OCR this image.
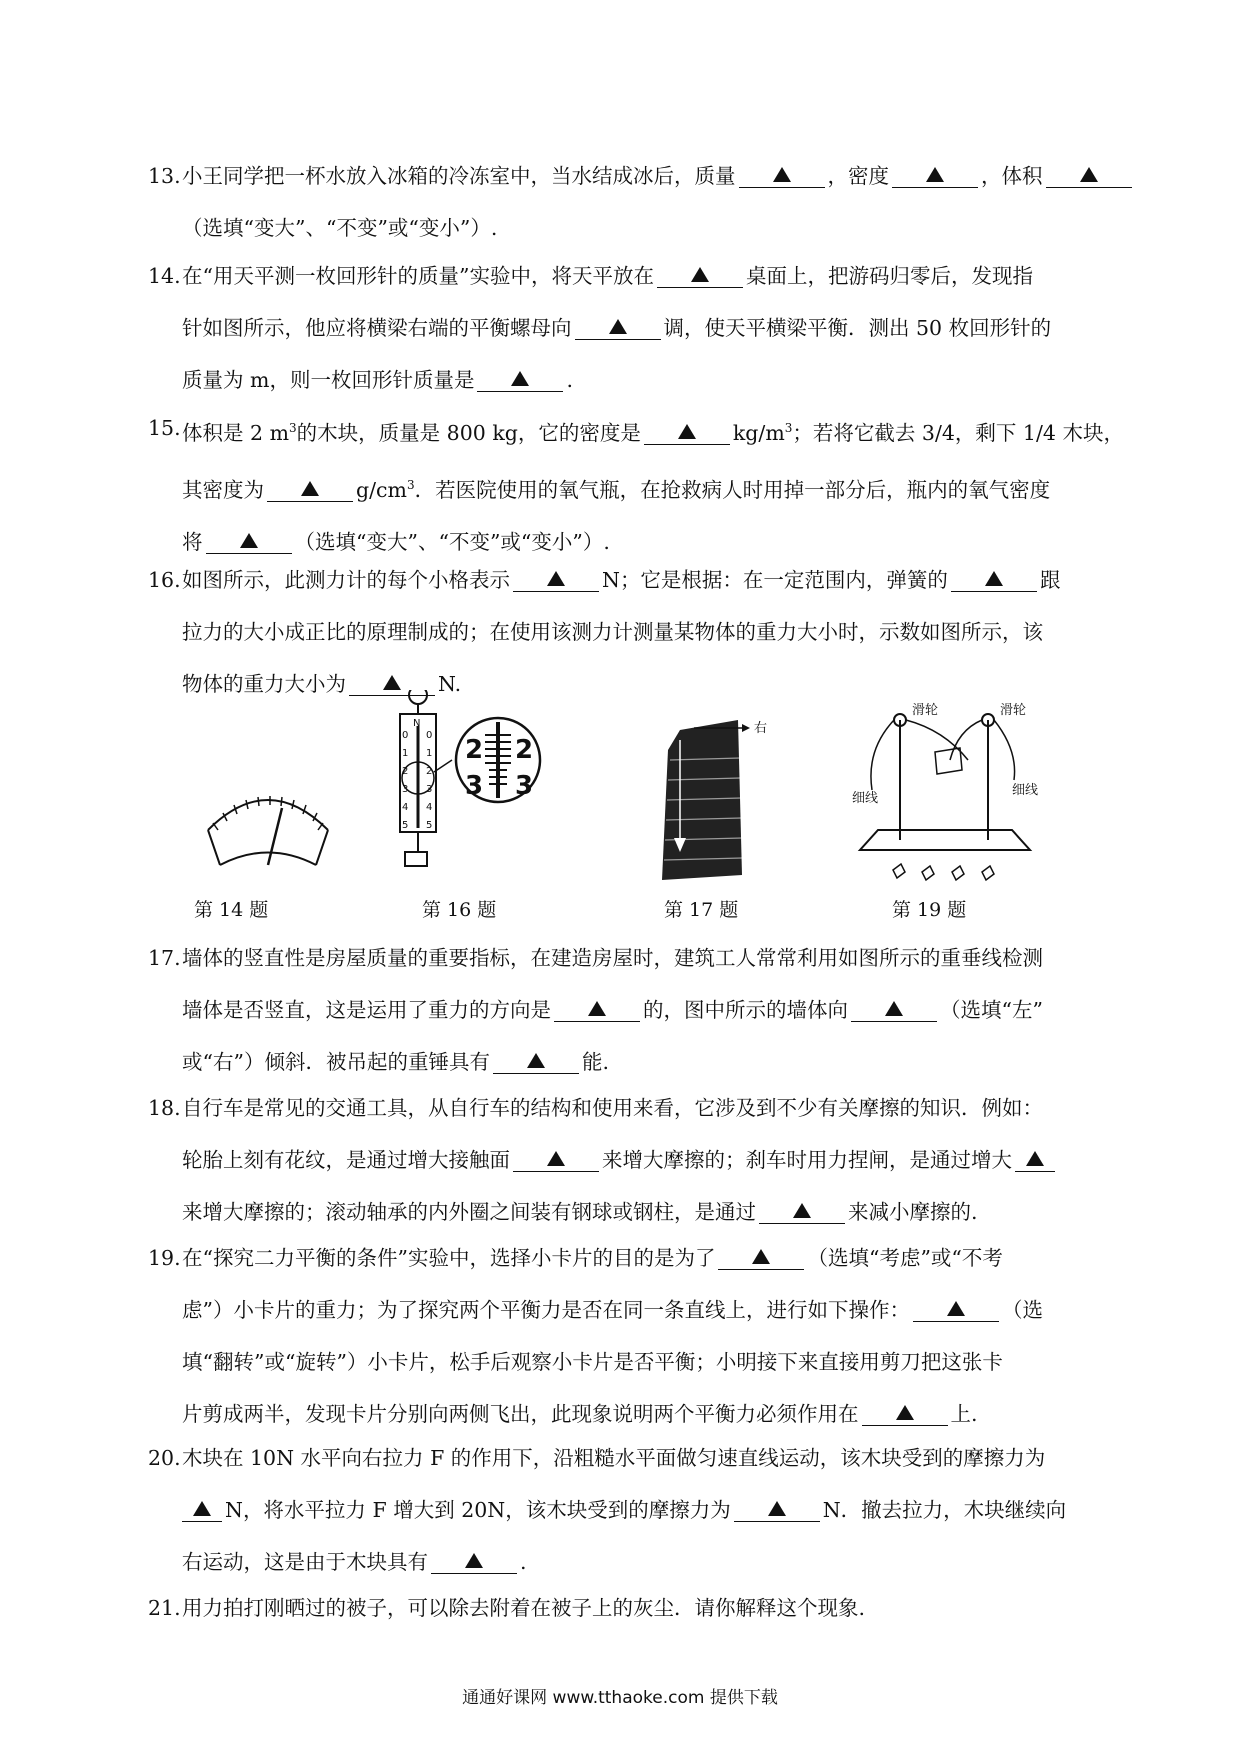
13. 小王同学把一杯水放入冰箱的冷冻室中，当水结成冰后，质量	，密度	，体积
（选填“变大”、“不变”或“变小”）.
14. 在“用天平测一枚回形针的质量”实验中，将天平放在	桌面上，把游码归零后，发现指
针如图所示，他应将横梁右端的平衡螺母向	调，使天平横梁平衡．测出 50 枚回形针的
质量为 m，则一枚回形针质量是	.
15. 体积是 2 $m^3$的木块，质量是 800 kg，它的密度是	$kg/m^3$；若将它截去 3/4，剩下 1/4 木块，
其密度为	$g/cm^3$．若医院使用的氧气瓶，在抢救病人时用掉一部分后，瓶内的氧气密度
将	（选填“变大”、“不变”或“变小”）.
16. 如图所示，此测力计的每个小格表示	N；它是根据：在一定范围内，弹簧的	跟
拉力的大小成正比的原理制成的；在使用该测力计测量某物体的重力大小时，示数如图所示，该
物体的重力大小为	N.
N
0
1
2
3
4
5
0
1
2
3
4
5
2
3
2
3
右
滑轮	滑轮
细线
细线
第 14 题	第 16 题	第 17 题	第 19 题
17. 墙体的竖直性是房屋质量的重要指标，在建造房屋时，建筑工人常常利用如图所示的重垂线检测
墙体是否竖直，这是运用了重力的方向是	的，图中所示的墙体向	（选填“左”
或“右”）倾斜．被吊起的重锤具有	能.
18. 自行车是常见的交通工具，从自行车的结构和使用来看，它涉及到不少有关摩擦的知识．例如：
轮胎上刻有花纹，是通过增大接触面	来增大摩擦的；刹车时用力捏闸，是通过增大
来增大摩擦的；滚动轴承的内外圈之间装有钢球或钢柱，是通过	来减小摩擦的.
19. 在“探究二力平衡的条件”实验中，选择小卡片的目的是为了	（选填“考虑”或“不考
虑”）小卡片的重力；为了探究两个平衡力是否在同一条直线上，进行如下操作：	（选
填“翻转”或“旋转”）小卡片，松手后观察小卡片是否平衡；小明接下来直接用剪刀把这张卡
片剪成两半，发现卡片分别向两侧飞出，此现象说明两个平衡力必须作用在	上.
20. 木块在 10N 水平向右拉力 F 的作用下，沿粗糙水平面做匀速直线运动，该木块受到的摩擦力为
N，将水平拉力 F 增大到 20N，该木块受到的摩擦力为	N．撤去拉力，木块继续向
右运动，这是由于木块具有	.
21. 用力拍打刚晒过的被子，可以除去附着在被子上的灰尘．请你解释这个现象.
通通好课网 www.tthaoke.com 提供下载
